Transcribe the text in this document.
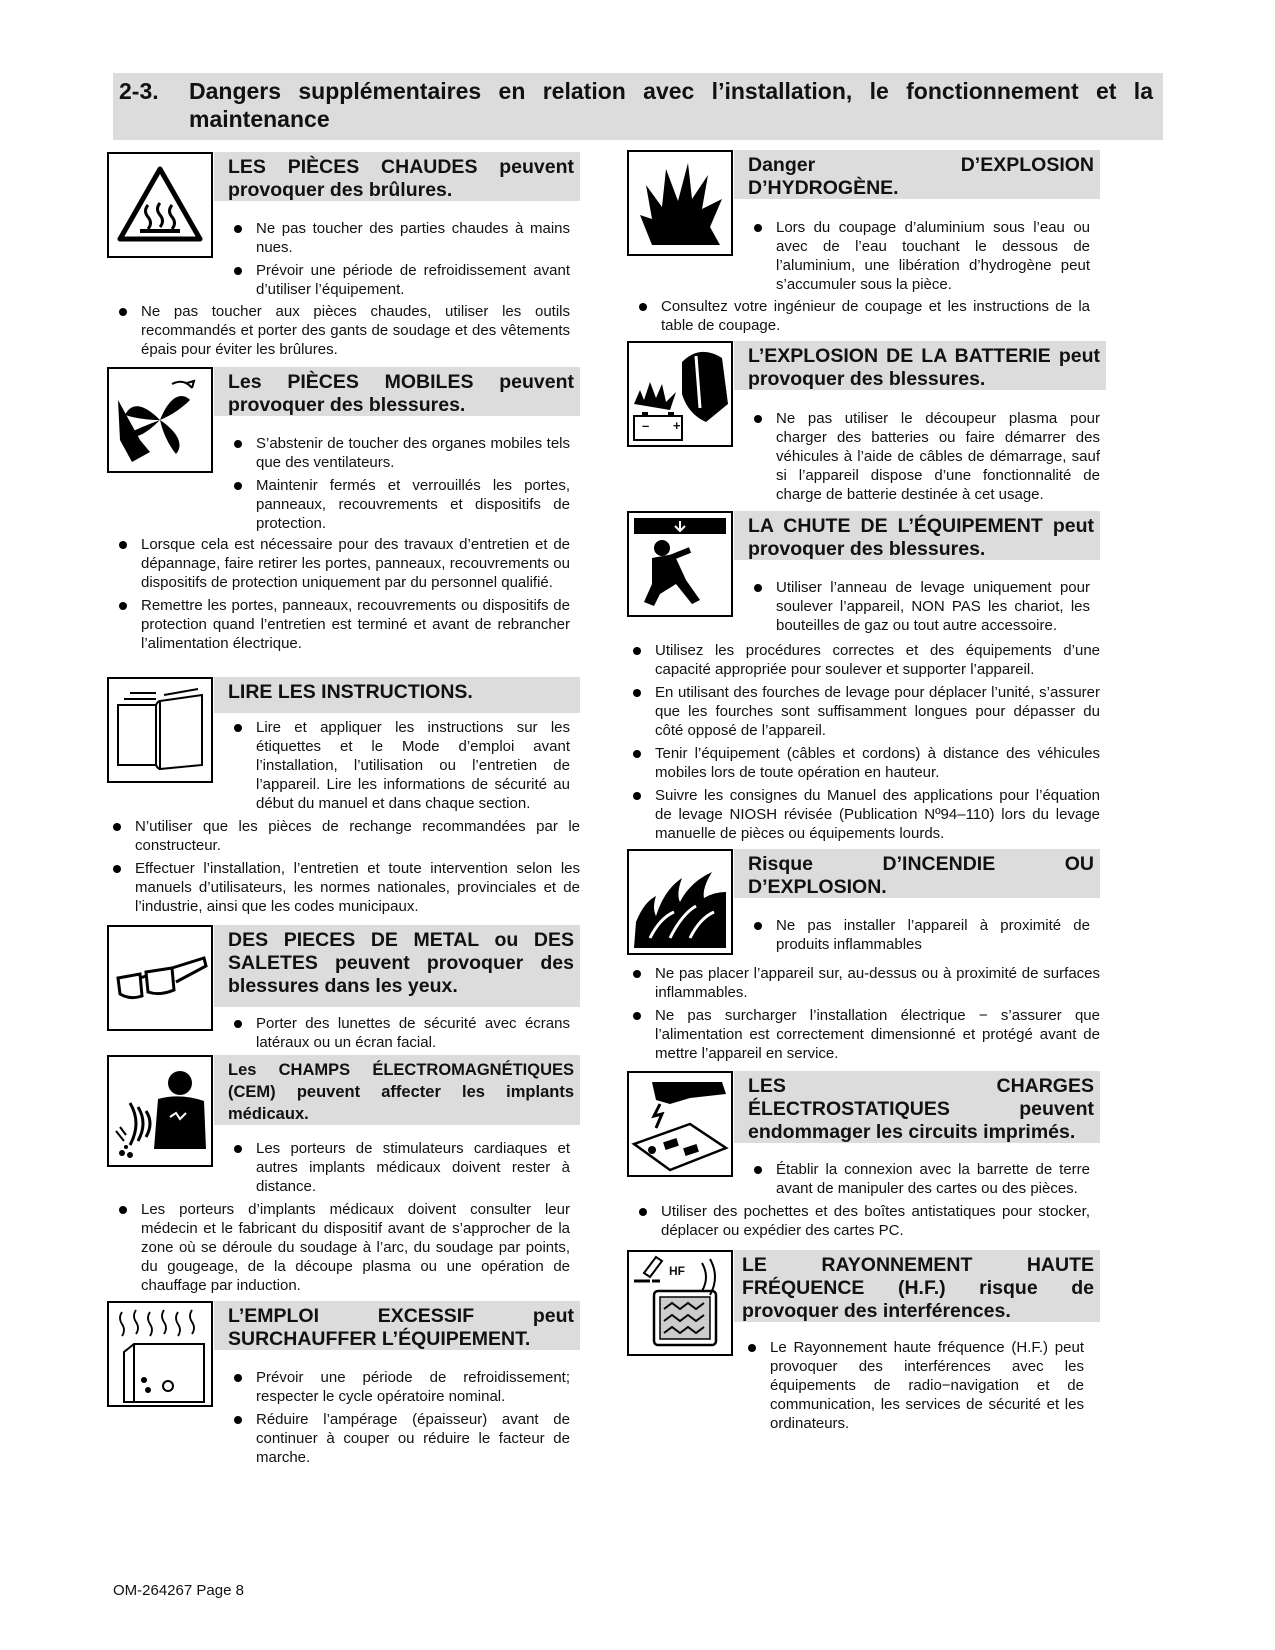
2-3.	Dangers supplémentaires en relation avec l’installation, le fonctionnement et la maintenance
LES PIÈCES CHAUDES peuvent provoquer des brûlures.
Ne pas toucher des parties chaudes à mains nues.
Prévoir une période de refroidissement avant d’utiliser l’équipement.
Ne pas toucher aux pièces chaudes, utiliser les outils recommandés et porter des gants de soudage et des vêtements épais pour éviter les brûlures.
Les PIÈCES MOBILES peuvent provoquer des blessures.
S’abstenir de toucher des organes mobiles tels que des ventilateurs.
Maintenir fermés et verrouillés les portes, panneaux, recouvrements et dispositifs de protection.
Lorsque cela est nécessaire pour des travaux d’entretien et de dépannage, faire retirer les portes, panneaux, recouvrements ou dispositifs de protection uniquement par du personnel qualifié.
Remettre les portes, panneaux, recouvrements ou dispositifs de protection quand l’entretien est terminé et avant de rebrancher l’alimentation électrique.
LIRE LES INSTRUCTIONS.
Lire et appliquer les instructions sur les étiquettes et le Mode d’emploi avant l’installation, l’utilisation ou l’entretien de l’appareil. Lire les informations de sécurité au début du manuel et dans chaque section.
N’utiliser que les pièces de rechange recommandées par le constructeur.
Effectuer l’installation, l’entretien et toute intervention selon les manuels d’utilisateurs, les normes nationales, provinciales et de l’industrie, ainsi que les codes municipaux.
DES PIECES DE METAL ou DES SALETES peuvent provoquer des blessures dans les yeux.
Porter des lunettes de sécurité avec écrans latéraux ou un écran facial.
Les CHAMPS ÉLECTROMAGNÉTIQUES (CEM) peuvent affecter les implants médicaux.
Les porteurs de stimulateurs cardiaques et autres implants médicaux doivent rester à distance.
Les porteurs d’implants médicaux doivent consulter leur médecin et le fabricant du dispositif avant de s’approcher de la zone où se déroule du soudage à l’arc, du soudage par points, du gougeage, de la découpe plasma ou une opération de chauffage par induction.
L’EMPLOI EXCESSIF peut SURCHAUFFER L’ÉQUIPEMENT.
Prévoir une période de refroidissement; respecter le cycle opératoire nominal.
Réduire l’ampérage (épaisseur) avant de continuer à couper ou réduire le facteur de marche.
Danger D’EXPLOSION D’HYDROGÈNE.
Lors du coupage d’aluminium sous l’eau ou avec de l’eau touchant le dessous de l’aluminium, une libération d’hydrogène peut s’accumuler sous la pièce.
Consultez votre ingénieur de coupage et les instructions de la table de coupage.
– +
L’EXPLOSION DE LA BATTERIE peut provoquer des blessures.
Ne pas utiliser le découpeur plasma pour charger des batteries ou faire démarrer des véhicules à l’aide de câbles de démarrage, sauf si l’appareil dispose d’une fonctionnalité de charge de batterie destinée à cet usage.
LA CHUTE DE L’ÉQUIPEMENT peut provoquer des blessures.
Utiliser l’anneau de levage uniquement pour soulever l’appareil, NON PAS les chariot, les bouteilles de gaz ou tout autre accessoire.
Utilisez les procédures correctes et des équipements d’une capacité appropriée pour soulever et supporter l’appareil.
En utilisant des fourches de levage pour déplacer l’unité, s’assurer que les fourches sont suffisamment longues pour dépasser du côté opposé de l’appareil.
Tenir l’équipement (câbles et cordons) à distance des véhicules mobiles lors de toute opération en hauteur.
Suivre les consignes du Manuel des applications pour l’équation de levage NIOSH révisée (Publication Nº94–110) lors du levage manuelle de pièces ou équipements lourds.
Risque D’INCENDIE OU D’EXPLOSION.
Ne pas installer l’appareil à proximité de produits inflammables
Ne pas placer l’appareil sur, au-dessus ou à proximité de surfaces inflammables.
Ne pas surcharger l’installation électrique − s’assurer que l’alimentation est correctement dimensionné et protégé avant de mettre l’appareil en service.
LES CHARGES ÉLECTROSTATIQUES peuvent endommager les circuits imprimés.
Établir la connexion avec la barrette de terre avant de manipuler des cartes ou des pièces.
Utiliser des pochettes et des boîtes antistatiques pour stocker, déplacer ou expédier des cartes PC.
HF	LE RAYONNEMENT HAUTE FRÉQUENCE (H.F.) risque de provoquer des interférences.
Le Rayonnement haute fréquence (H.F.) peut provoquer des interférences avec les équipements de radio−navigation et de communication, les services de sécurité et les ordinateurs.
OM-264267 Page 8
